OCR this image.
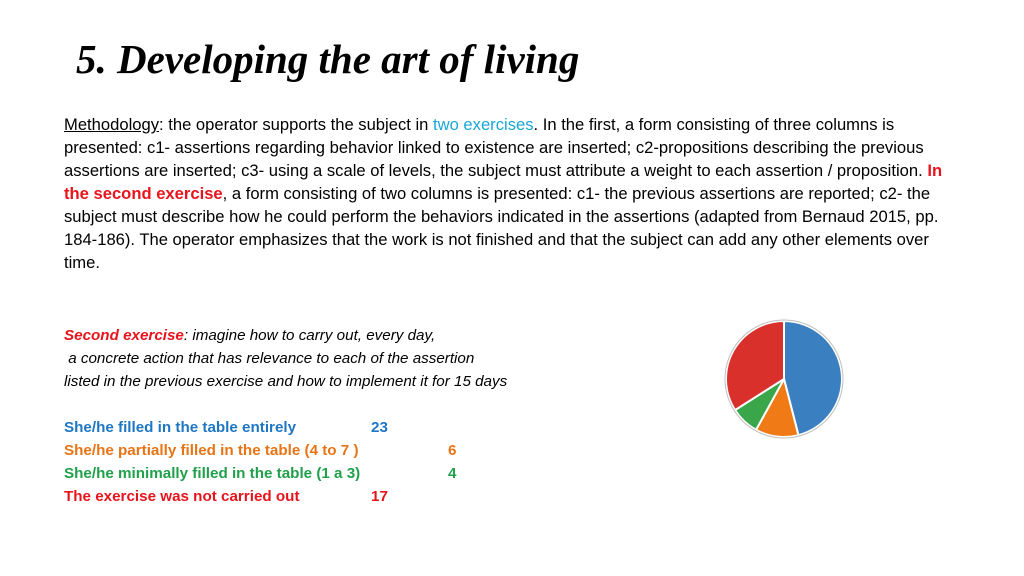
5. Developing the art of living
Methodology: the operator supports the subject in two exercises. In the first, a form consisting of three columns is presented: c1- assertions regarding behavior linked to existence are inserted; c2-propositions describing the previous assertions are inserted; c3- using a scale of levels, the subject must attribute a weight to each assertion / proposition. In the second exercise, a form consisting of two columns is presented: c1- the previous assertions are reported; c2- the subject must describe how he could perform the behaviors indicated in the assertions (adapted from Bernaud 2015, pp. 184-186). The operator emphasizes that the work is not finished and that the subject can add any other elements over time.
Second exercise: imagine how to carry out, every day,
a concrete action that has relevance to each of the assertion
listed in the previous exercise and how to implement it for 15 days
She/he filled in the table entirely	23
She/he partially filled in the table (4 to 7 )	6
She/he minimally filled in the table (1 a 3)	4
The exercise was not carried out	17
